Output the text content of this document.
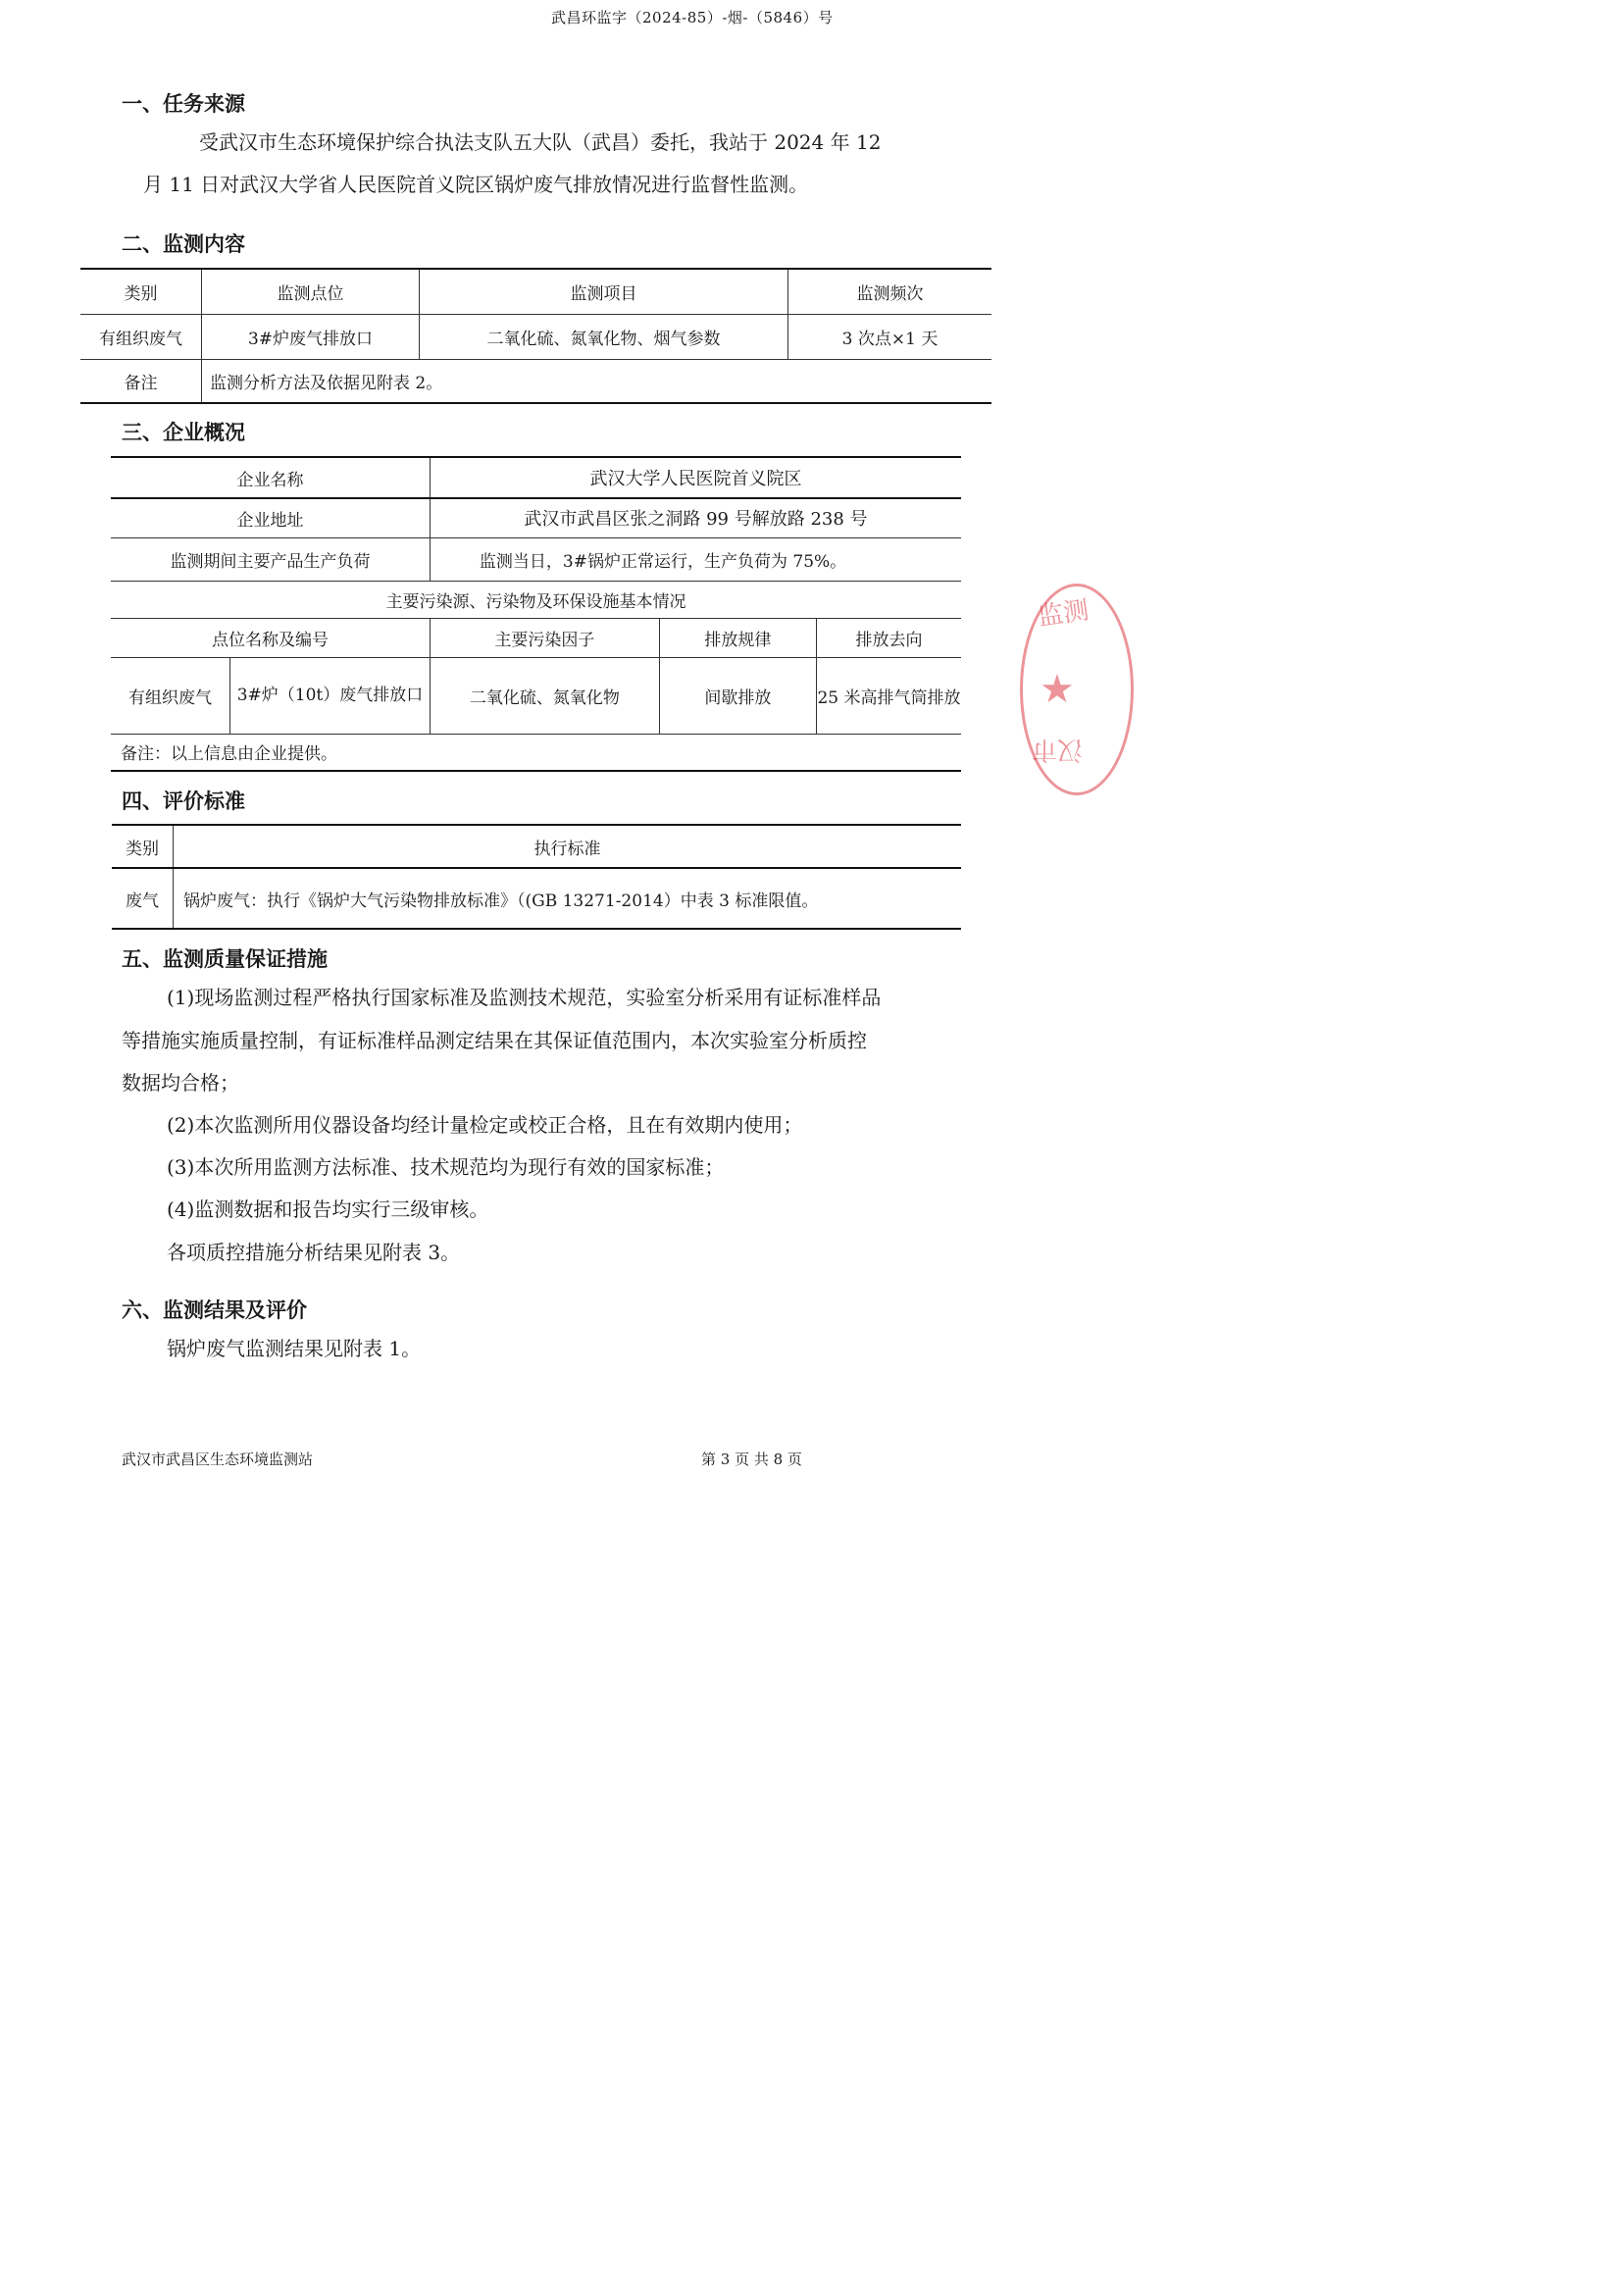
武昌环监字（2024-85）-烟-（5846）号
一、任务来源
受武汉市生态环境保护综合执法支队五大队（武昌）委托，我站于 2024 年 12
月 11 日对武汉大学省人民医院首义院区锅炉废气排放情况进行监督性监测。
二、监测内容
类别	监测点位	监测项目	监测频次
有组织废气	3#炉废气排放口	二氧化硫、氮氧化物、烟气参数	3 次点×1 天
备注	监测分析方法及依据见附表 2。		
三、企业概况
企业名称		武汉大学人民医院首义院区		
企业地址		武汉市武昌区张之洞路 99 号解放路 238 号		
监测期间主要产品生产负荷		监测当日，3#锅炉正常运行，生产负荷为 75%。		
主要污染源、污染物及环保设施基本情况				
点位名称及编号		主要污染因子	排放规律	排放去向
有组织废气	3#炉（10t）废气排放口	二氧化硫、氮氧化物	间歇排放	25 米高排气筒排放
备注：以上信息由企业提供。				
四、评价标准
类别	执行标准
废气	锅炉废气：执行《锅炉大气污染物排放标准》（(GB 13271-2014）中表 3 标准限值。
五、监测质量保证措施
(1)现场监测过程严格执行国家标准及监测技术规范，实验室分析采用有证标准样品
等措施实施质量控制，有证标准样品测定结果在其保证值范围内，本次实验室分析质控
数据均合格；
(2)本次监测所用仪器设备均经计量检定或校正合格，且在有效期内使用；
(3)本次所用监测方法标准、技术规范均为现行有效的国家标准；
(4)监测数据和报告均实行三级审核。
各项质控措施分析结果见附表 3。
六、监测结果及评价
锅炉废气监测结果见附表 1。
武汉市武昌区生态环境监测站	第 3 页 共 8 页
监测
★
汉市
